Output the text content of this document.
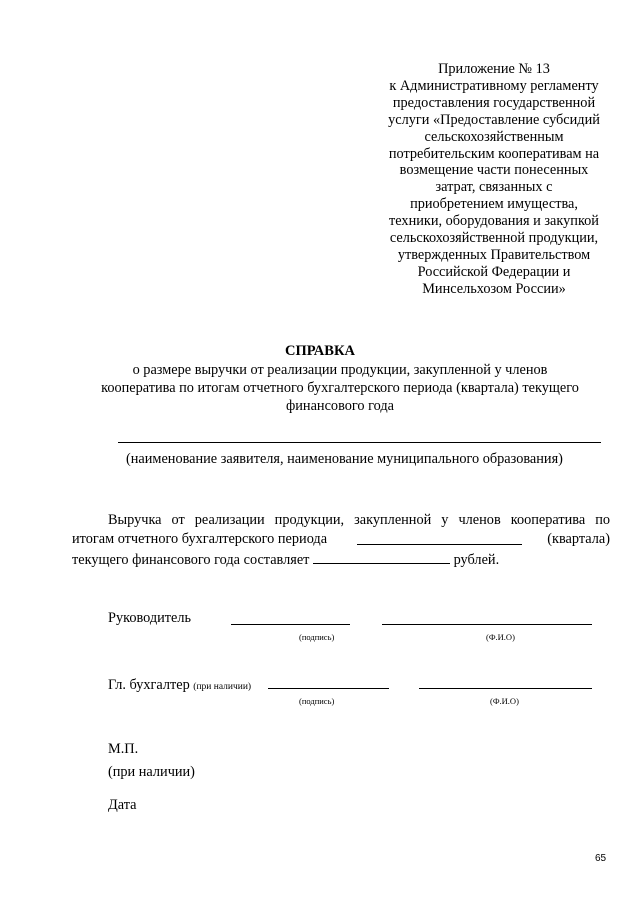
Приложение № 13
к Административному регламенту
предоставления государственной
услуги «Предоставление субсидий
сельскохозяйственным
потребительским кооперативам на
возмещение части понесенных
затрат, связанных с
приобретением имущества,
техники, оборудования и закупкой
сельскохозяйственной продукции,
утвержденных Правительством
Российской Федерации и
Минсельхозом России»
СПРАВКА
о размере выручки от реализации продукции, закупленной у членов
кооператива по итогам отчетного бухгалтерского периода (квартала) текущего
финансового года
(наименование заявителя, наименование муниципального образования)
Выручка от реализации продукции, закупленной у членов кооператива по
итогам отчетного бухгалтерского периода	(квартала)
текущего финансового года составляет	рублей.
Руководитель
(подпись)	(Ф.И.О)
Гл. бухгалтер (при наличии)
(подпись)	(Ф.И.О)
М.П.
(при наличии)
Дата
65
